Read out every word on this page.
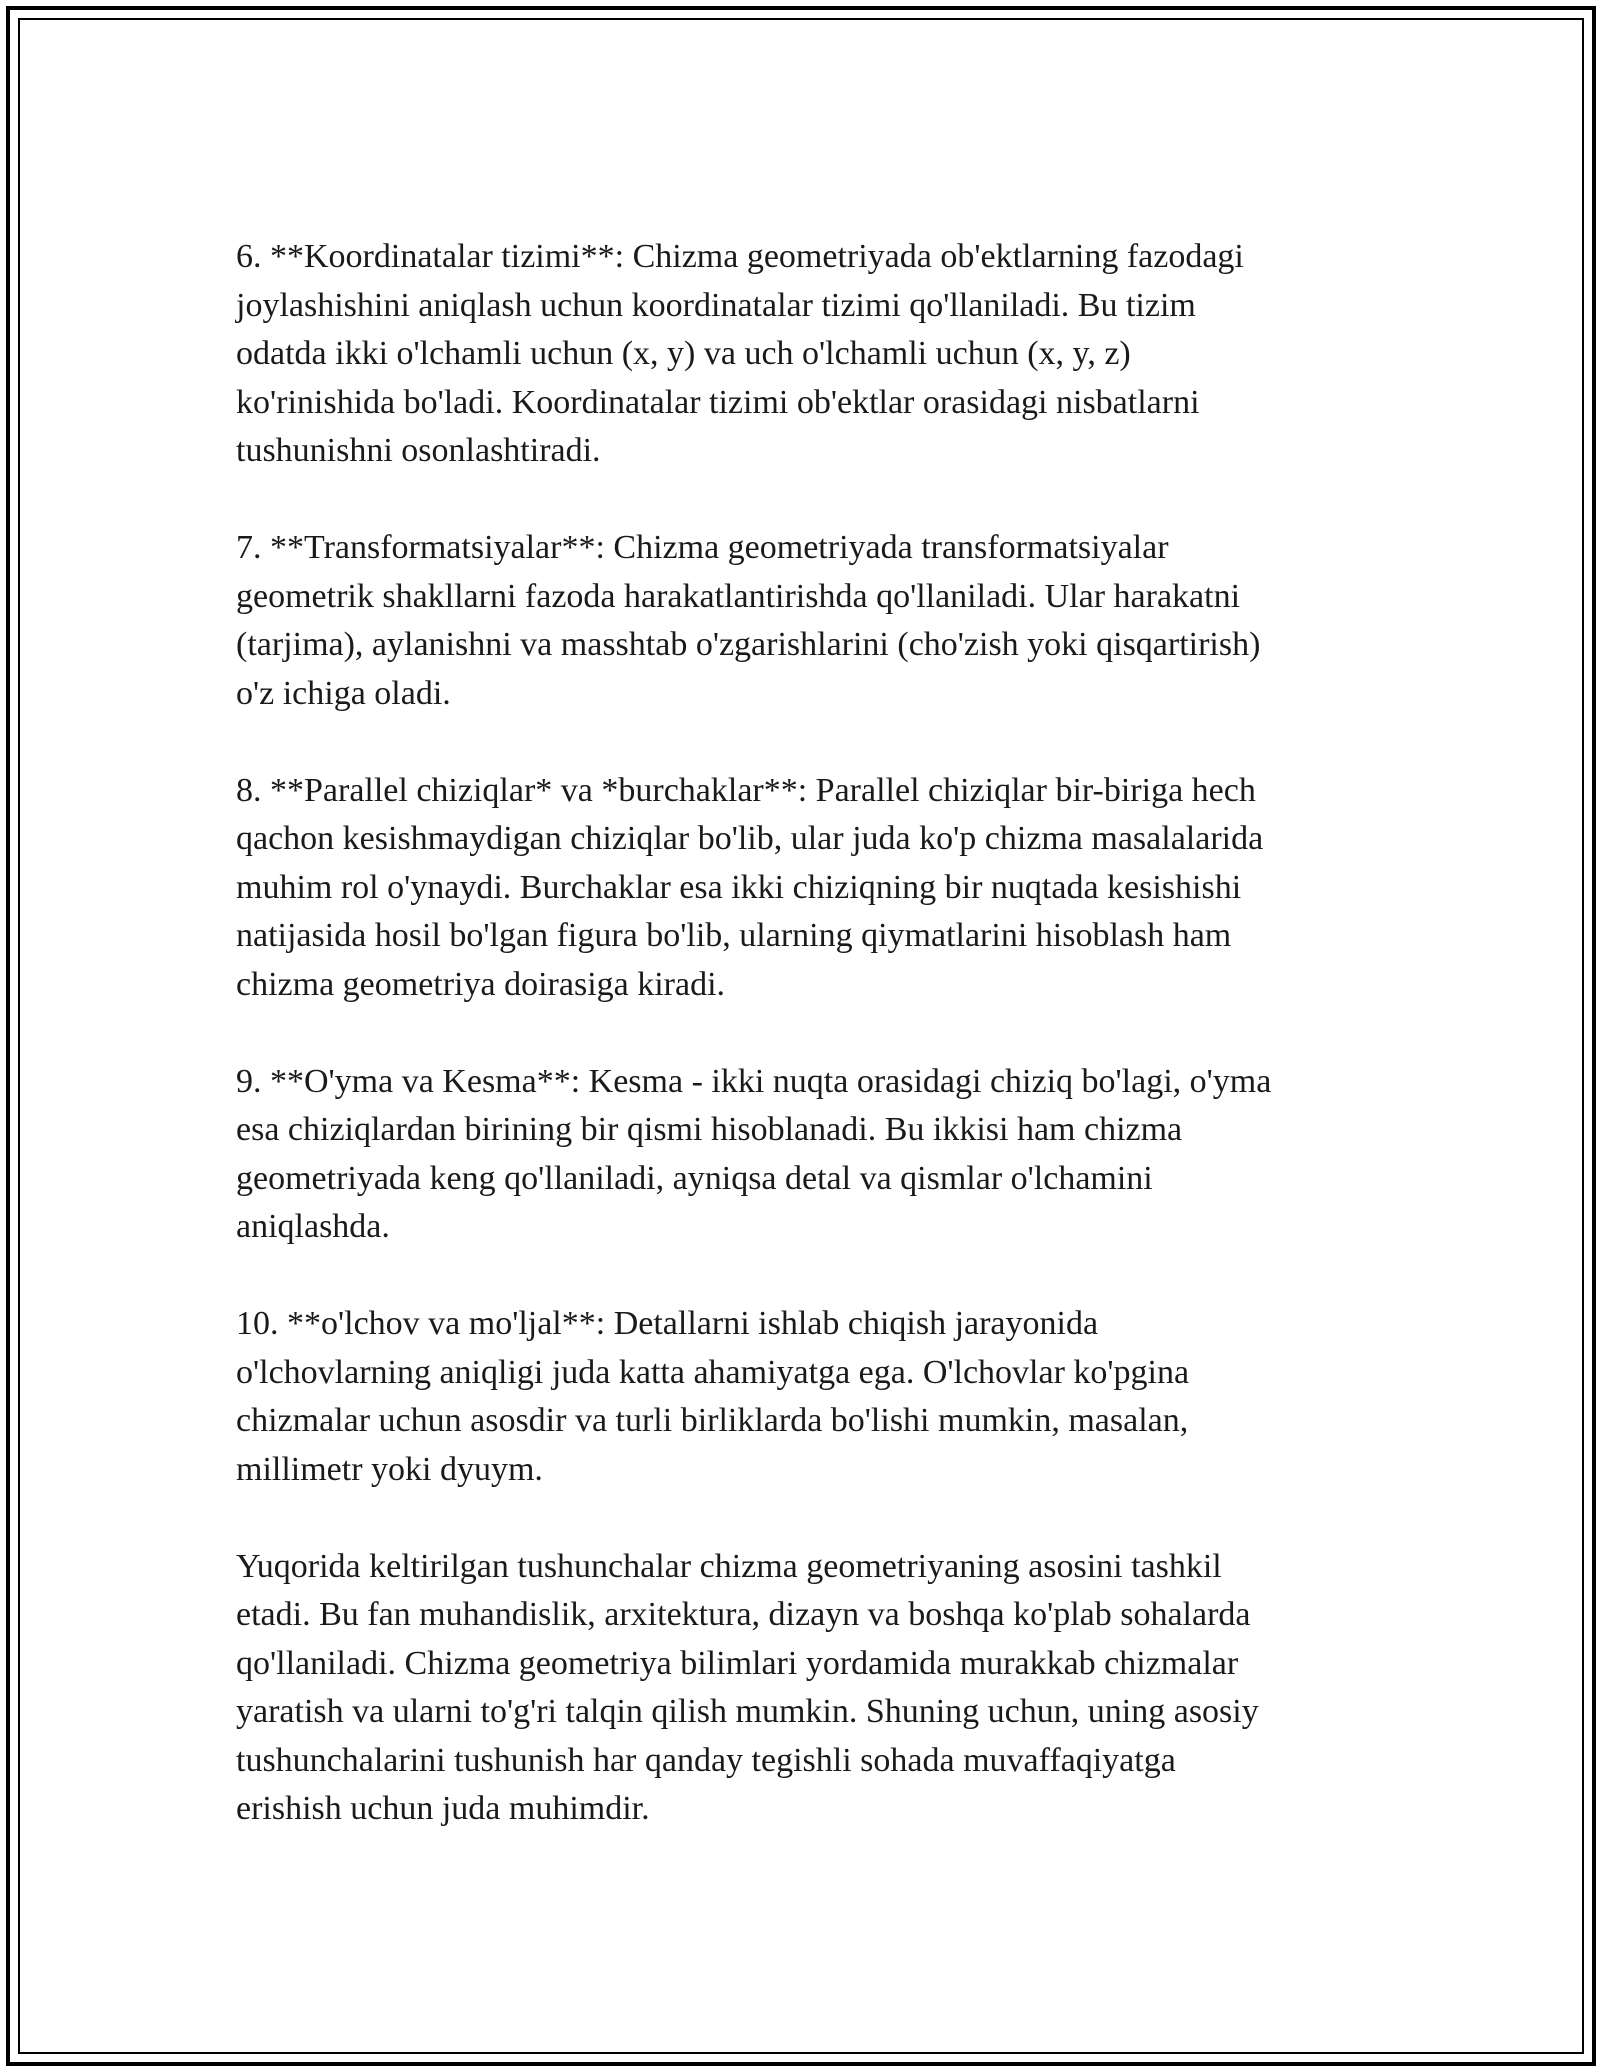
6. **Koordinatalar tizimi**: Chizma geometriyada ob'ektlarning fazodagi
joylashishini aniqlash uchun koordinatalar tizimi qo'llaniladi. Bu tizim
odatda ikki o'lchamli uchun (x, y) va uch o'lchamli uchun (x, y, z)
ko'rinishida bo'ladi. Koordinatalar tizimi ob'ektlar orasidagi nisbatlarni
tushunishni osonlashtiradi.

7. **Transformatsiyalar**: Chizma geometriyada transformatsiyalar
geometrik shakllarni fazoda harakatlantirishda qo'llaniladi. Ular harakatni
(tarjima), aylanishni va masshtab o'zgarishlarini (cho'zish yoki qisqartirish)
o'z ichiga oladi.

8. **Parallel chiziqlar* va *burchaklar**: Parallel chiziqlar bir-biriga hech
qachon kesishmaydigan chiziqlar bo'lib, ular juda ko'p chizma masalalarida
muhim rol o'ynaydi. Burchaklar esa ikki chiziqning bir nuqtada kesishishi
natijasida hosil bo'lgan figura bo'lib, ularning qiymatlarini hisoblash ham
chizma geometriya doirasiga kiradi.

9. **O'yma va Kesma**: Kesma - ikki nuqta orasidagi chiziq bo'lagi, o'yma
esa chiziqlardan birining bir qismi hisoblanadi. Bu ikkisi ham chizma
geometriyada keng qo'llaniladi, ayniqsa detal va qismlar o'lchamini
aniqlashda.

10. **o'lchov va mo'ljal**: Detallarni ishlab chiqish jarayonida
o'lchovlarning aniqligi juda katta ahamiyatga ega. O'lchovlar ko'pgina
chizmalar uchun asosdir va turli birliklarda bo'lishi mumkin, masalan,
millimetr yoki dyuym.

Yuqorida keltirilgan tushunchalar chizma geometriyaning asosini tashkil
etadi. Bu fan muhandislik, arxitektura, dizayn va boshqa ko'plab sohalarda
qo'llaniladi. Chizma geometriya bilimlari yordamida murakkab chizmalar
yaratish va ularni to'g'ri talqin qilish mumkin. Shuning uchun, uning asosiy
tushunchalarini tushunish har qanday tegishli sohada muvaffaqiyatga
erishish uchun juda muhimdir.
